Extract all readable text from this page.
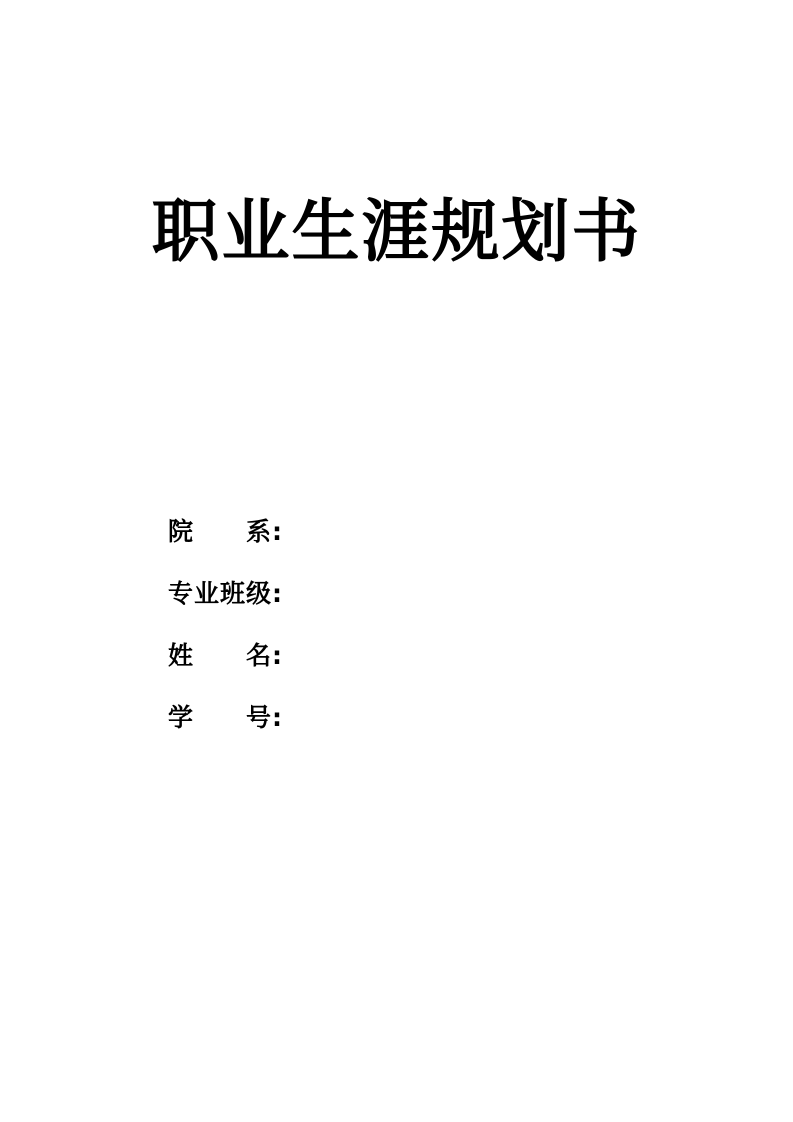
职业生涯规划书
院　　系:
专业班级:
姓　　名:
学　　号:
